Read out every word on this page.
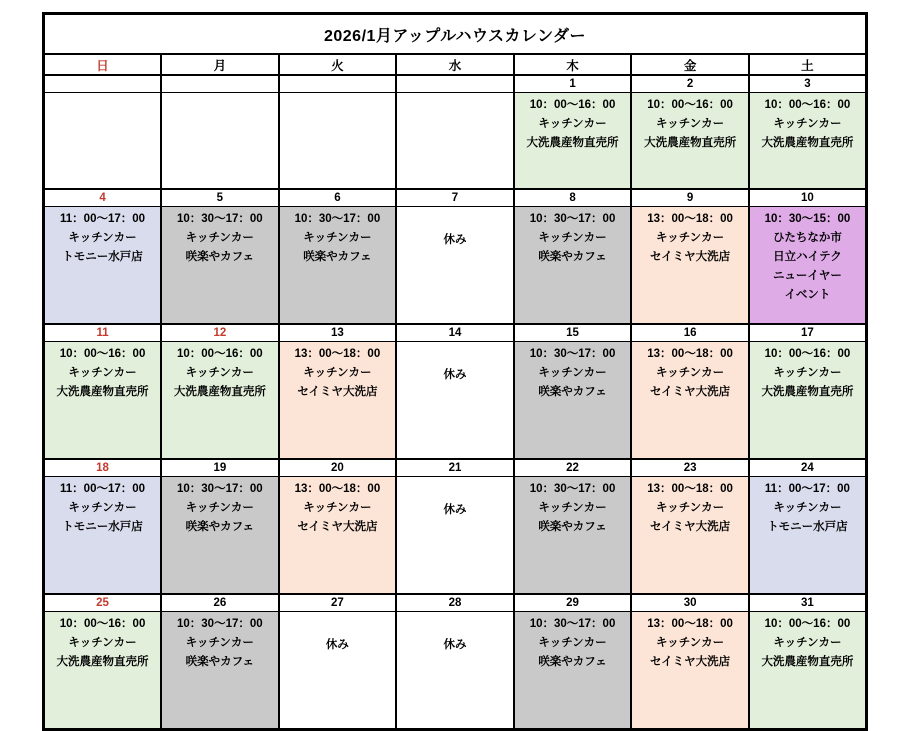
2026/1月アップルハウスカレンダー						
日	月	火	水	木	金	土
				1	2	3

10：00～16：00
キッチンカー
大洗農産物直売所

10：00～16：00
キッチンカー
大洗農産物直売所

10：00～16：00
キッチンカー
大洗農産物直売所

4	5	6	7	8	9	10

11：00～17：00
キッチンカー
トモニー水戸店

10：30～17：00
キッチンカー
咲楽やカフェ

10：30～17：00
キッチンカー
咲楽やカフェ

休み

10：30～17：00
キッチンカー
咲楽やカフェ

13：00～18：00
キッチンカー
セイミヤ大洗店

10：30～15：00
ひたちなか市
日立ハイテク
ニューイヤー
イベント

11	12	13	14	15	16	17

10：00～16：00
キッチンカー
大洗農産物直売所

10：00～16：00
キッチンカー
大洗農産物直売所

13：00～18：00
キッチンカー
セイミヤ大洗店

休み

10：30～17：00
キッチンカー
咲楽やカフェ

13：00～18：00
キッチンカー
セイミヤ大洗店

10：00～16：00
キッチンカー
大洗農産物直売所

18	19	20	21	22	23	24

11：00～17：00
キッチンカー
トモニー水戸店

10：30～17：00
キッチンカー
咲楽やカフェ

13：00～18：00
キッチンカー
セイミヤ大洗店

休み

10：30～17：00
キッチンカー
咲楽やカフェ

13：00～18：00
キッチンカー
セイミヤ大洗店

11：00～17：00
キッチンカー
トモニー水戸店

25	26	27	28	29	30	31

10：00～16：00
キッチンカー
大洗農産物直売所

10：30～17：00
キッチンカー
咲楽やカフェ

休み	休み

10：30～17：00
キッチンカー
咲楽やカフェ

13：00～18：00
キッチンカー
セイミヤ大洗店

10：00～16：00
キッチンカー
大洗農産物直売所
